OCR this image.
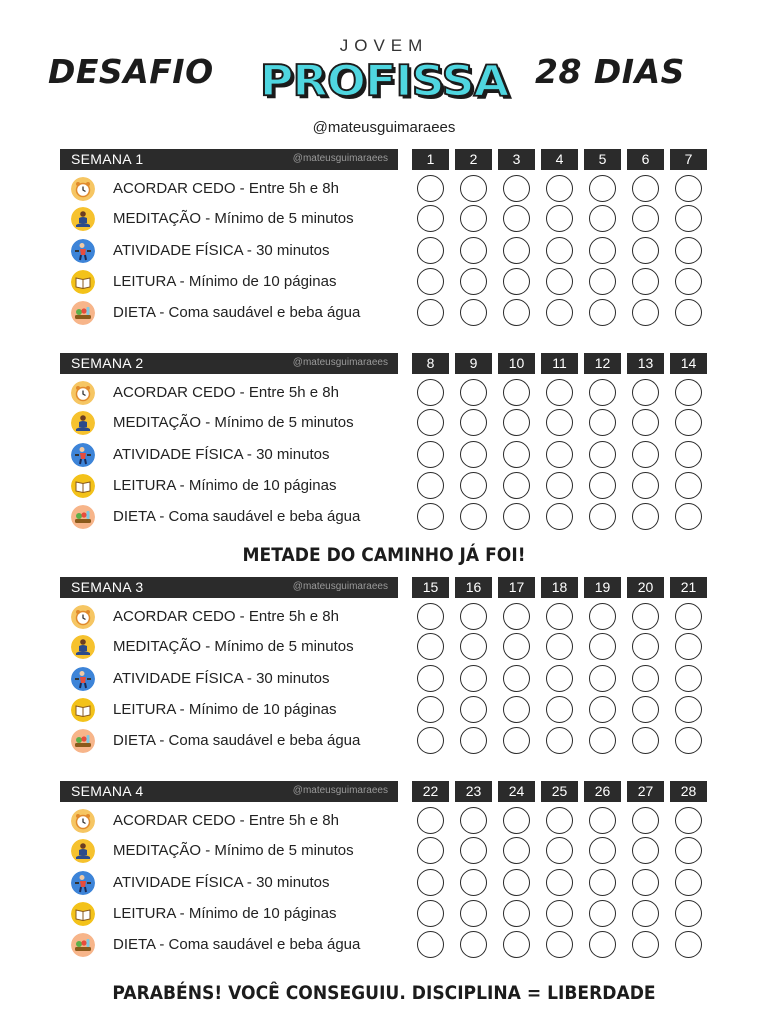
DESAFIO	28 DIAS
JOVEM
PROFISSA
@mateusguimaraees
SEMANA 1	@mateusguimaraees	1	2	3	4	5	6	7
ACORDAR CEDO - Entre 5h e 8h
MEDITAÇÃO - Mínimo de 5 minutos
ATIVIDADE FÍSICA - 30 minutos
LEITURA - Mínimo de 10 páginas
DIETA - Coma saudável e beba água
SEMANA 2	@mateusguimaraees	8	9	10	11	12	13	14
ACORDAR CEDO - Entre 5h e 8h
MEDITAÇÃO - Mínimo de 5 minutos
ATIVIDADE FÍSICA - 30 minutos
LEITURA - Mínimo de 10 páginas
DIETA - Coma saudável e beba água
SEMANA 3	@mateusguimaraees	15	16	17	18	19	20	21
ACORDAR CEDO - Entre 5h e 8h
MEDITAÇÃO - Mínimo de 5 minutos
ATIVIDADE FÍSICA - 30 minutos
LEITURA - Mínimo de 10 páginas
DIETA - Coma saudável e beba água
SEMANA 4	@mateusguimaraees	22	23	24	25	26	27	28
ACORDAR CEDO - Entre 5h e 8h
MEDITAÇÃO - Mínimo de 5 minutos
ATIVIDADE FÍSICA - 30 minutos
LEITURA - Mínimo de 10 páginas
DIETA - Coma saudável e beba água
METADE DO CAMINHO JÁ FOI!
PARABÉNS! VOCÊ CONSEGUIU. DISCIPLINA = LIBERDADE
